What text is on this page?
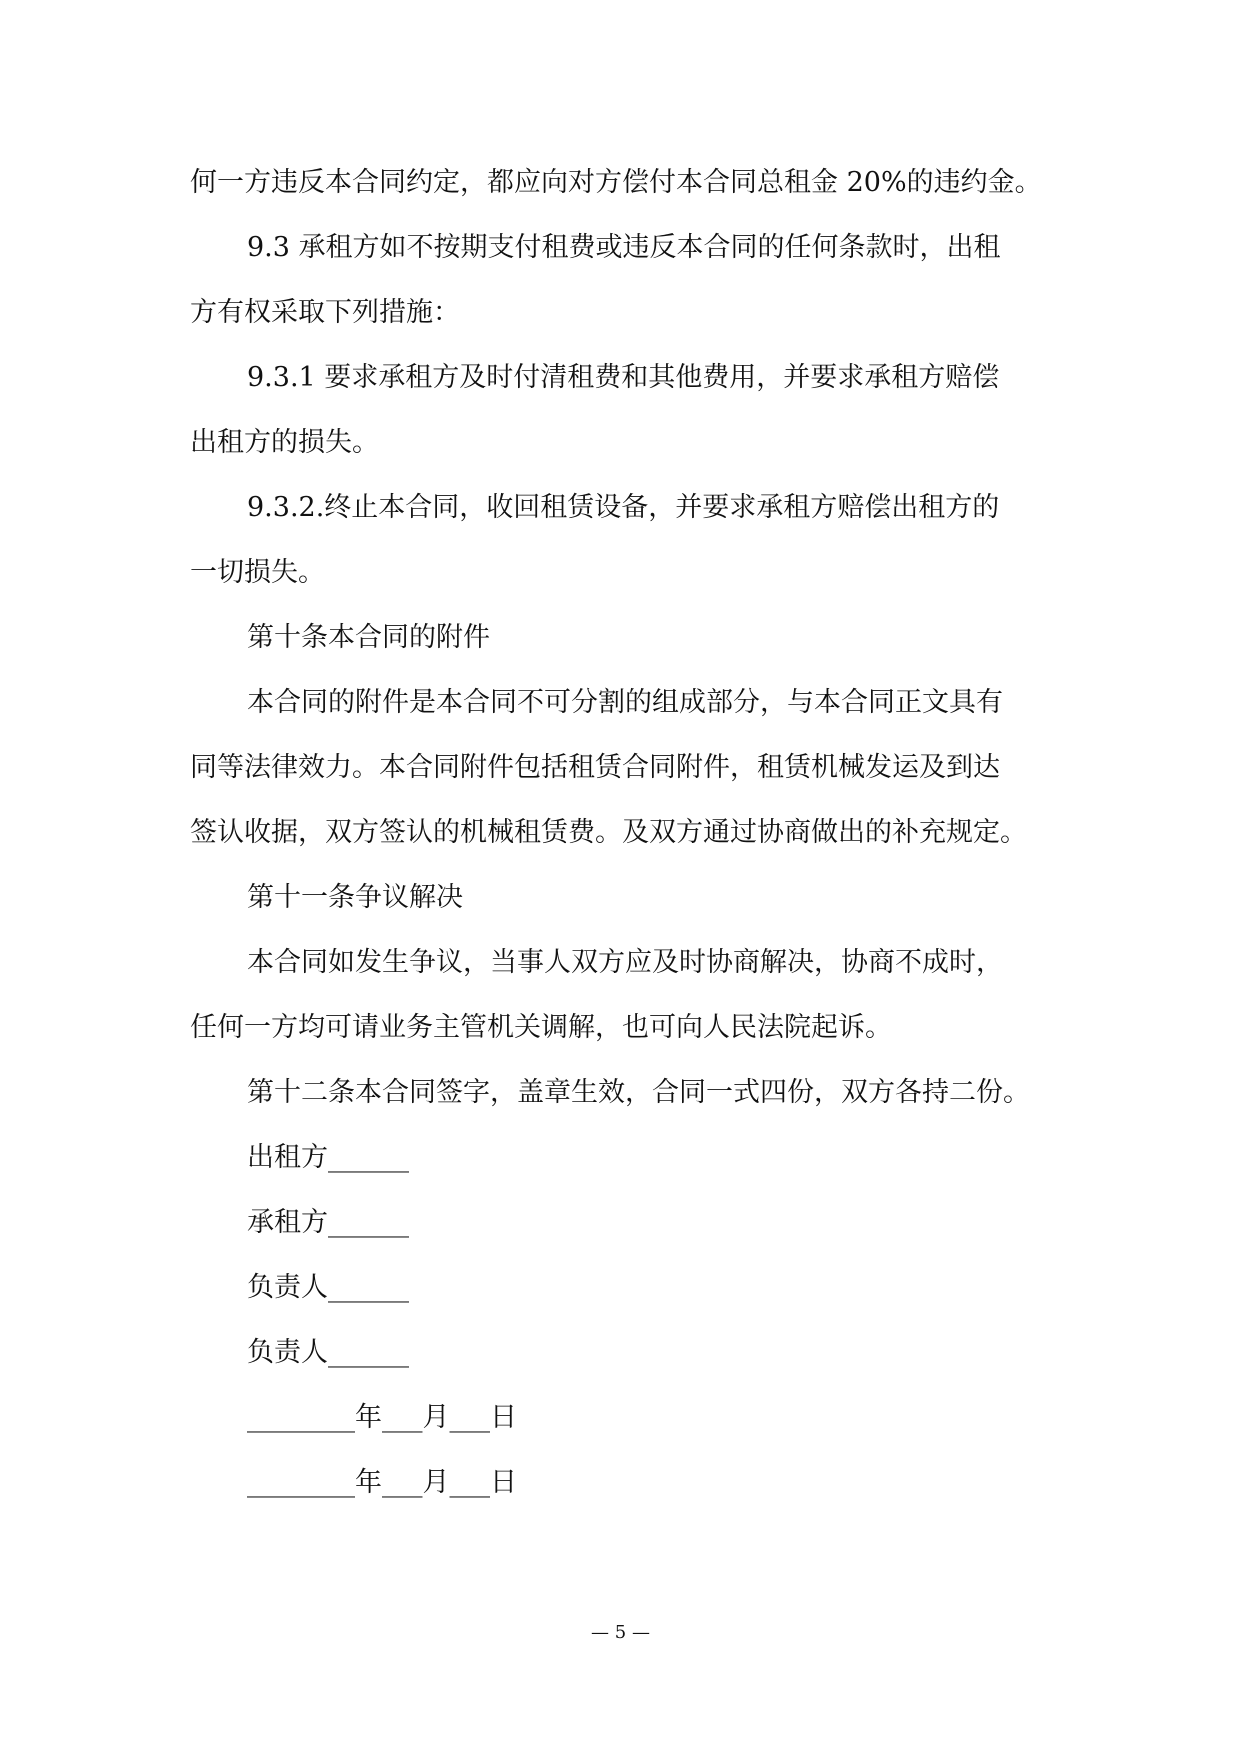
何一方违反本合同约定，都应向对方偿付本合同总租金 20%的违约金。
9.3 承租方如不按期支付租费或违反本合同的任何条款时，出租
方有权采取下列措施：
9.3.1 要求承租方及时付清租费和其他费用，并要求承租方赔偿
出租方的损失。
9.3.2.终止本合同，收回租赁设备，并要求承租方赔偿出租方的
一切损失。
第十条本合同的附件
本合同的附件是本合同不可分割的组成部分，与本合同正文具有
同等法律效力。本合同附件包括租赁合同附件，租赁机械发运及到达
签认收据，双方签认的机械租赁费。及双方通过协商做出的补充规定。
第十一条争议解决
本合同如发生争议，当事人双方应及时协商解决，协商不成时，
任何一方均可请业务主管机关调解，也可向人民法院起诉。
第十二条本合同签字，盖章生效，合同一式四份，双方各持二份。
出租方______
承租方______
负责人______
负责人______
________年___月___日
________年___月___日
— 5 —
